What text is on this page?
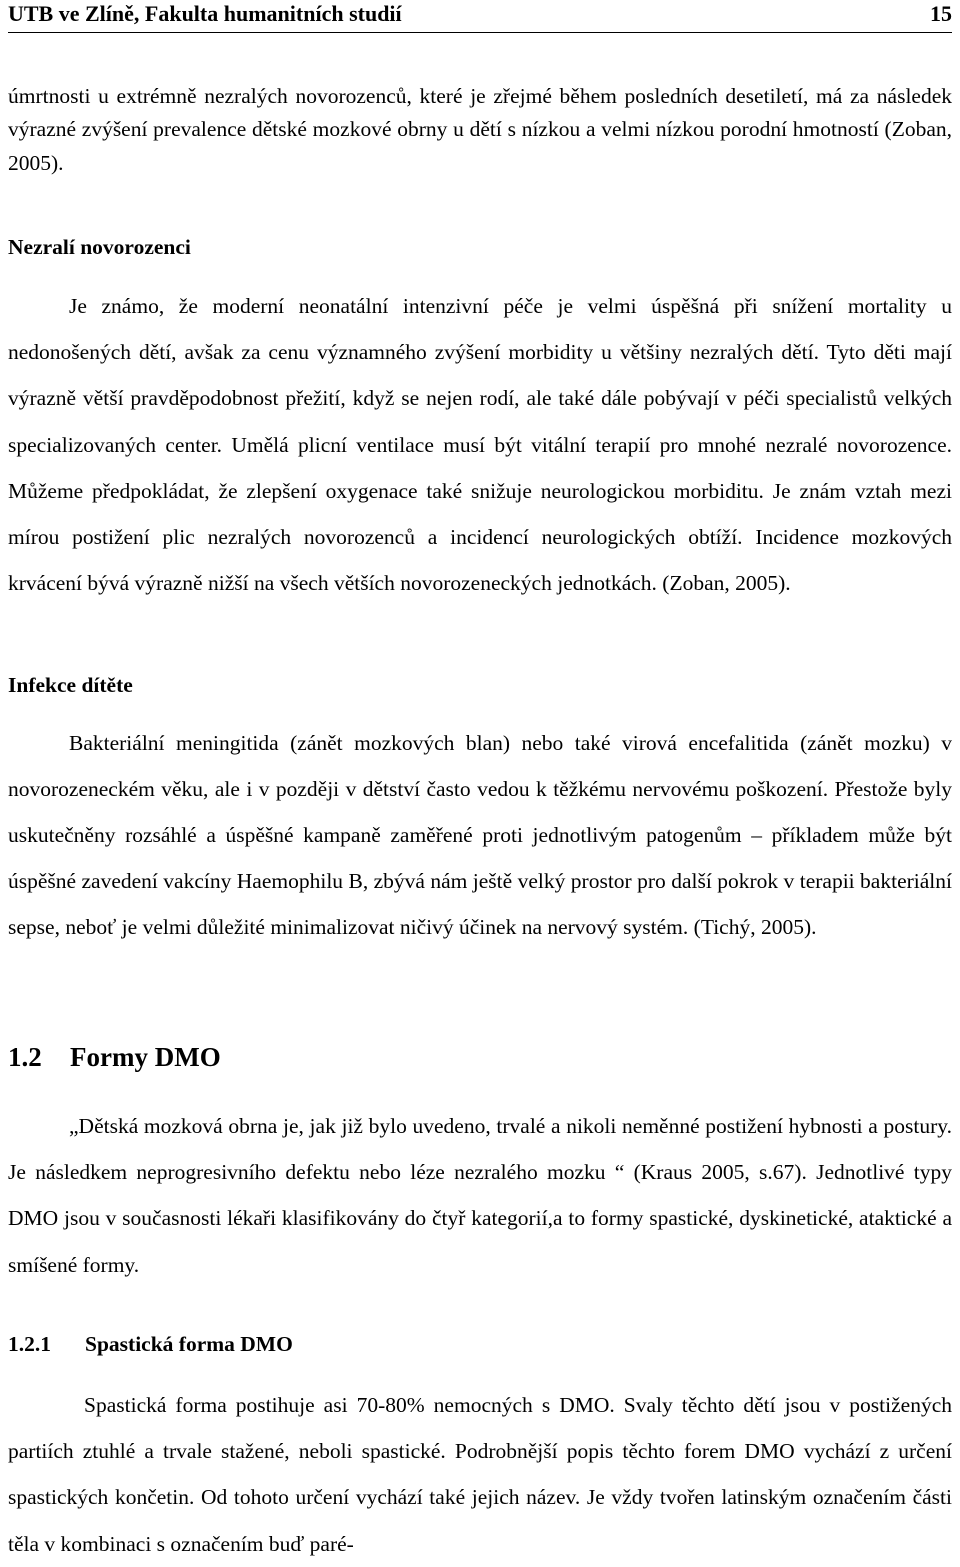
UTB ve Zlíně, Fakulta humanitních studií	15

úmrtnosti u extrémně nezralých novorozenců, které je zřejmé během posledních desetiletí, má za následek výrazné zvýšení prevalence dětské mozkové obrny u dětí s nízkou a velmi nízkou porodní hmotností (Zoban, 2005).

Nezralí novorozenci

Je známo, že moderní neonatální intenzivní péče je velmi úspěšná při snížení mortality u nedonošených dětí, avšak za cenu významného zvýšení morbidity u většiny nezralých dětí. Tyto děti mají výrazně větší pravděpodobnost přežití, když se nejen rodí, ale také dále pobývají v péči specialistů velkých specializovaných center. Umělá plicní ventilace musí být vitální terapií pro mnohé nezralé novorozence. Můžeme předpokládat, že zlepšení oxygenace také snižuje neurologickou morbiditu. Je znám vztah mezi mírou postižení plic nezralých novorozenců a incidencí neurologických obtíží. Incidence mozkových krvácení bývá výrazně nižší na všech větších novorozeneckých jednotkách. (Zoban, 2005).

Infekce dítěte

Bakteriální meningitida (zánět mozkových blan) nebo také virová encefalitida (zánět mozku) v novorozeneckém věku, ale i v později v dětství často vedou k těžkému nervovému poškození. Přestože byly uskutečněny rozsáhlé a úspěšné kampaně zaměřené proti jednotlivým patogenům – příkladem může být úspěšné zavedení vakcíny Haemophilu B, zbývá nám ještě velký prostor pro další pokrok v terapii bakteriální sepse, neboť je velmi důležité minimalizovat ničivý účinek na nervový systém. (Tichý, 2005).

1.2 Formy DMO

„Dětská mozková obrna je, jak již bylo uvedeno, trvalé a nikoli neměnné postižení hybnosti a postury. Je následkem neprogresivního defektu nebo léze nezralého mozku “ (Kraus 2005, s.67). Jednotlivé typy DMO jsou v současnosti lékaři klasifikovány do čtyř kategorií,a to formy spastické, dyskinetické, ataktické a smíšené formy.

1.2.1 Spastická forma DMO

Spastická forma postihuje asi 70-80% nemocných s DMO. Svaly těchto dětí jsou v postižených partiích ztuhlé a trvale stažené, neboli spastické. Podrobnější popis těchto forem DMO vychází z určení spastických končetin. Od tohoto určení vychází také jejich název. Je vždy tvořen latinským označením části těla v kombinaci s označením buď paré-
